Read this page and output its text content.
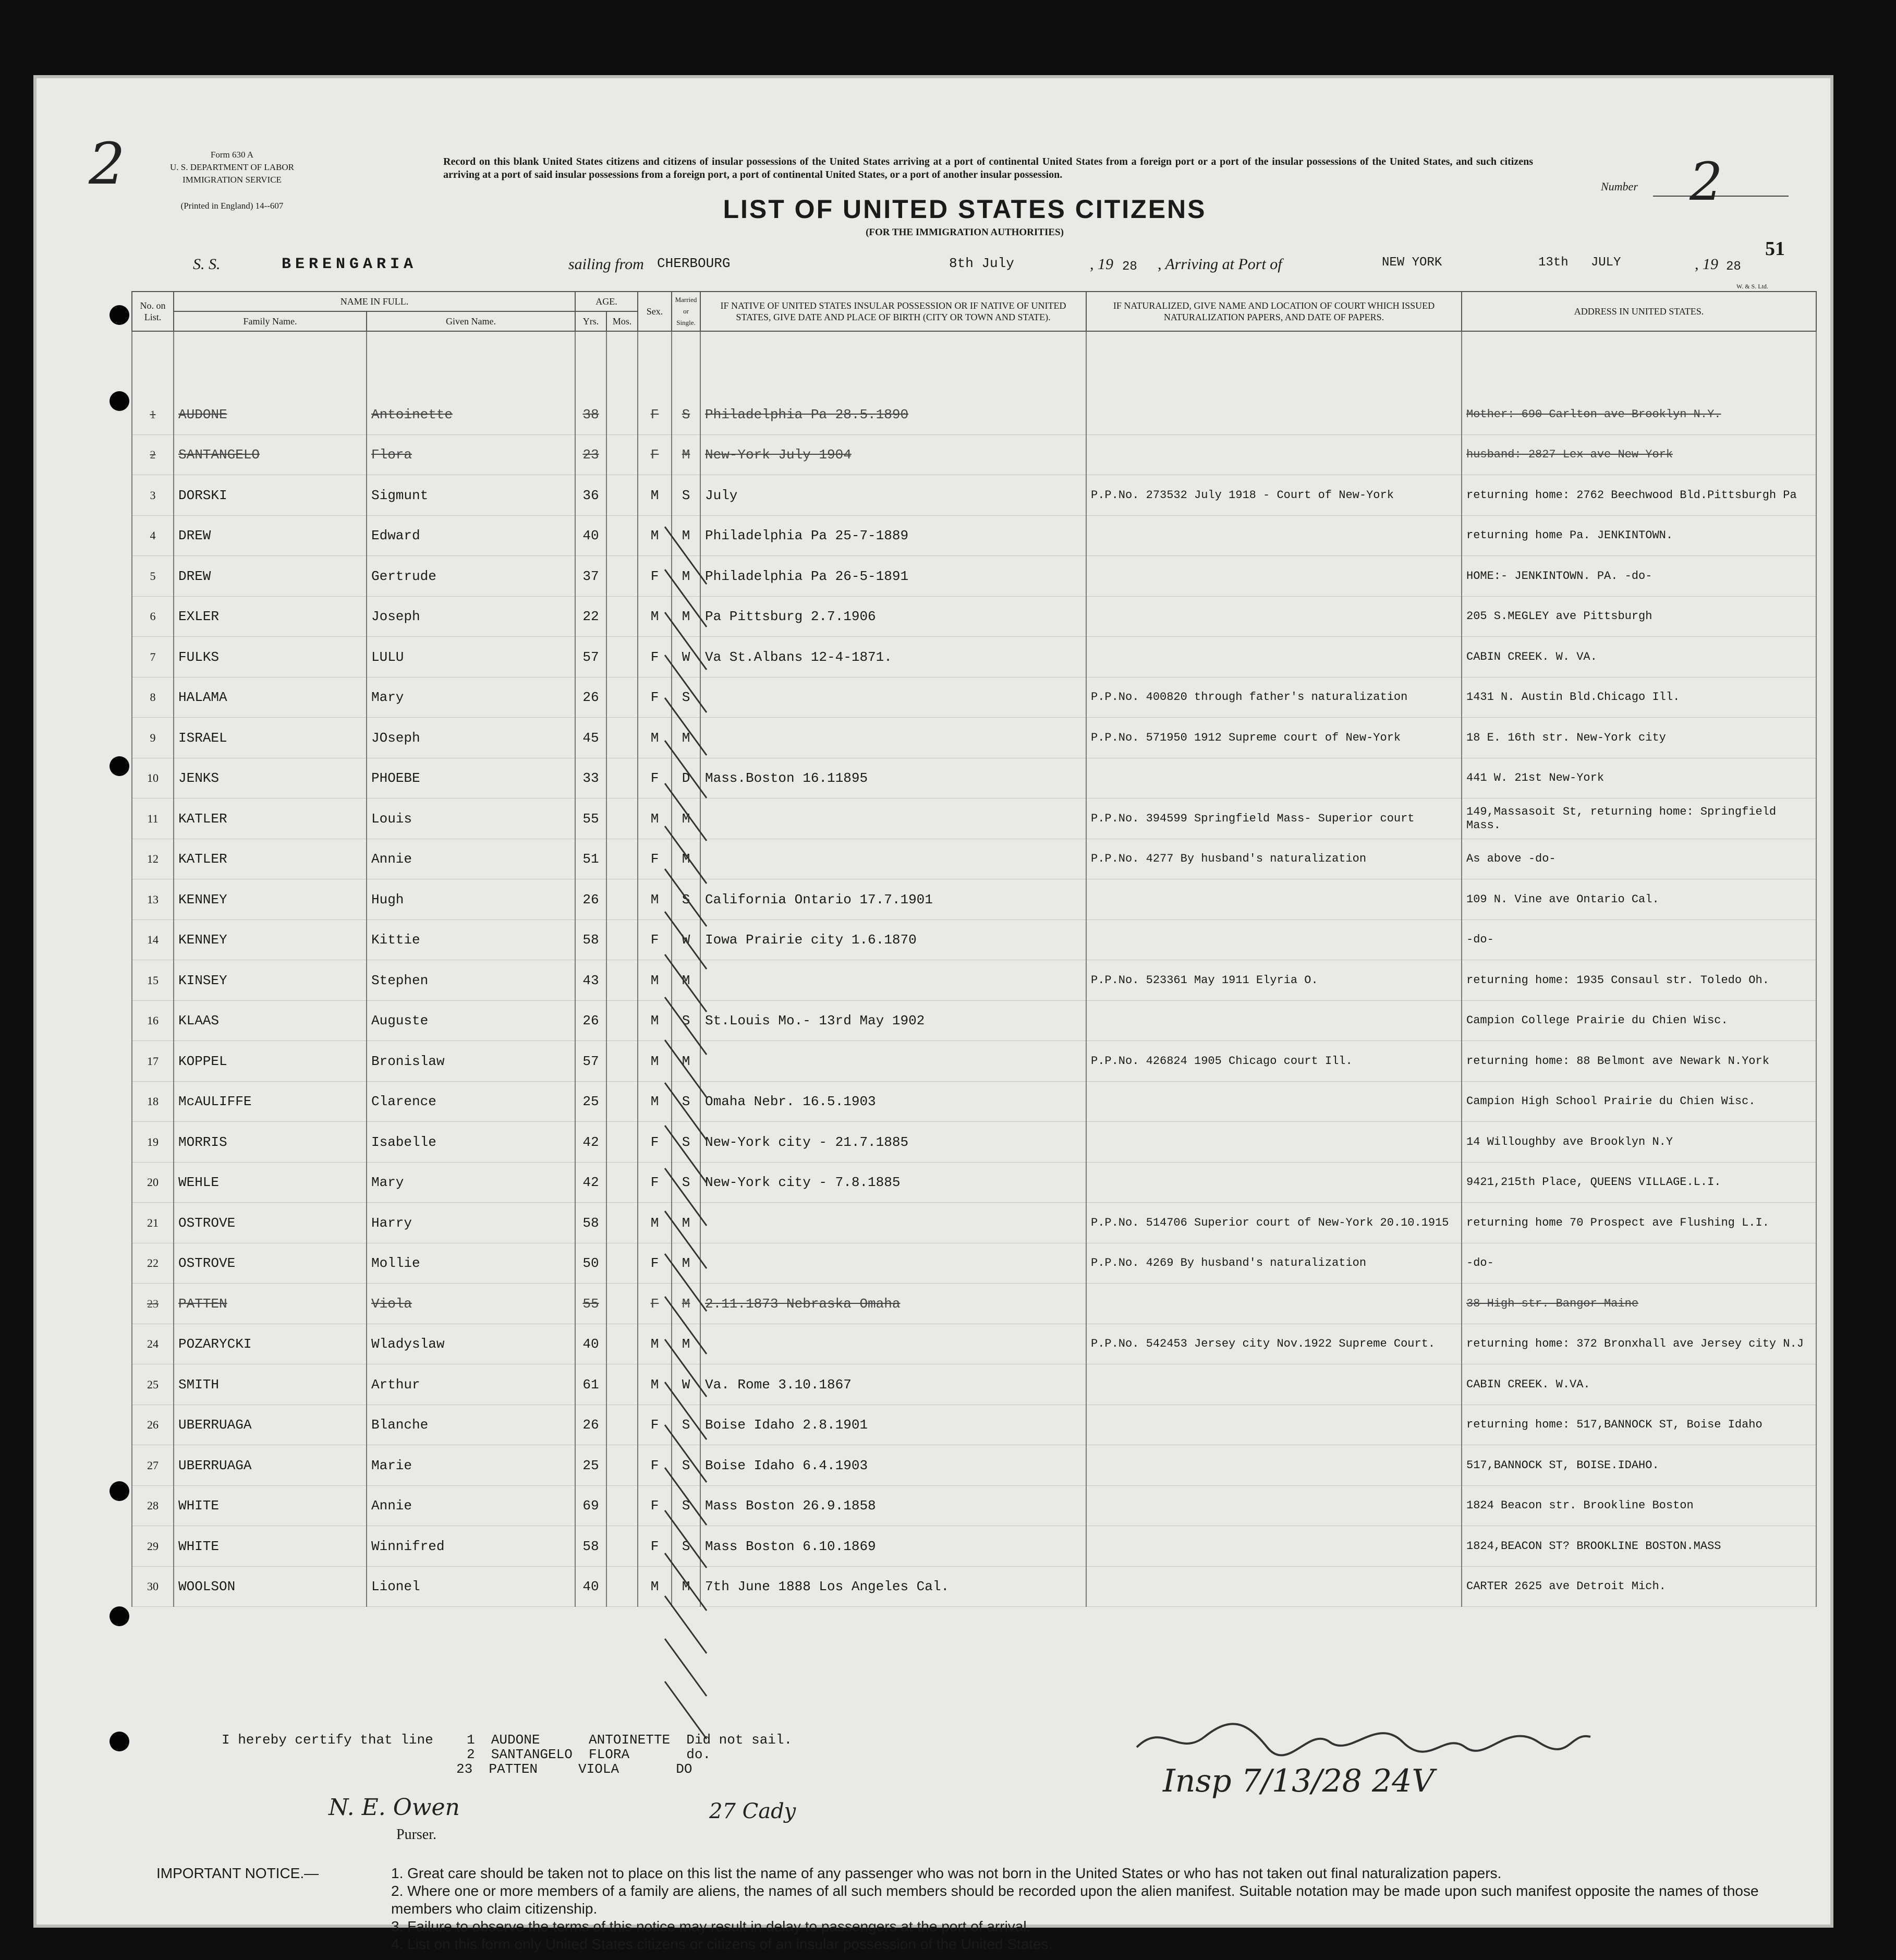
2	Form 630 A
U. S. DEPARTMENT OF LABOR
IMMIGRATION SERVICE
(Printed in England) 14--607
Record on this blank United States citizens and citizens of insular possessions of the United States arriving at a port of continental United States from a foreign port or a port of the insular possessions of the United States, and such citizens arriving at a port of said insular possessions from a foreign port, a port of continental United States, or a port of another insular possession.
LIST OF UNITED STATES CITIZENS
(FOR THE IMMIGRATION AUTHORITIES)
Number 2
51
S. S.	BERENGARIA	sailing from CHERBOURG	8th July	, 19 28 , Arriving at Port of	NEW YORK	13th   JULY	, 19 28
W. & S. Ltd.
No. on List.	NAME IN FULL.		AGE.		Sex.	Married or Single.	IF NATIVE OF UNITED STATES INSULAR POSSESSION OR IF NATIVE OF UNITED STATES, GIVE DATE AND PLACE OF BIRTH (CITY OR TOWN AND STATE).	IF NATURALIZED, GIVE NAME AND LOCATION OF COURT WHICH ISSUED NATURALIZATION PAPERS, AND DATE OF PAPERS.	ADDRESS IN UNITED STATES.
	Family Name.	Given Name.	Yrs.	Mos.					

1	AUDONE	Antoinette	38		F	S	Philadelphia Pa 28.5.1890		Mother: 690 Carlton ave Brooklyn N.Y.
2	SANTANGELO	Flora	23		F	M	New-York July 1904		husband: 2827 Lex ave New-York
3	DORSKI	Sigmunt	36		M	S	July	P.P.No. 273532 July 1918 - Court of New-York	returning home: 2762 Beechwood Bld.Pittsburgh Pa
4	DREW	Edward	40		M	M	Philadelphia Pa 25-7-1889		returning home Pa. JENKINTOWN.
5	DREW	Gertrude	37		F	M	Philadelphia Pa 26-5-1891		HOME:- JENKINTOWN. PA. -do-
6	EXLER	Joseph	22		M	M	Pa Pittsburg 2.7.1906		205 S.MEGLEY ave Pittsburgh
7	FULKS	LULU	57		F	W	Va St.Albans 12-4-1871.		CABIN CREEK. W. VA.
8	HALAMA	Mary	26		F	S		P.P.No. 400820 through father's naturalization	1431 N. Austin Bld.Chicago Ill.
9	ISRAEL	JOseph	45		M	M		P.P.No. 571950 1912 Supreme court of New-York	18 E. 16th str. New-York city
10	JENKS	PHOEBE	33		F	D	Mass.Boston 16.11895		441 W. 21st New-York
11	KATLER	Louis	55		M	M		P.P.No. 394599 Springfield Mass- Superior court	149,Massasoit St, returning home: Springfield Mass.
12	KATLER	Annie	51		F	M		P.P.No. 4277 By husband's naturalization	As above -do-
13	KENNEY	Hugh	26		M	S	California Ontario 17.7.1901		109 N. Vine ave Ontario Cal.
14	KENNEY	Kittie	58		F	W	Iowa Prairie city 1.6.1870		-do-
15	KINSEY	Stephen	43		M	M		P.P.No. 523361 May 1911 Elyria O.	returning home: 1935 Consaul str. Toledo Oh.
16	KLAAS	Auguste	26		M	S	St.Louis Mo.- 13rd May 1902		Campion College Prairie du Chien Wisc.
17	KOPPEL	Bronislaw	57		M	M		P.P.No. 426824 1905 Chicago court Ill.	returning home: 88 Belmont ave Newark N.York
18	McAULIFFE	Clarence	25		M	S	Omaha Nebr. 16.5.1903		Campion High School Prairie du Chien Wisc.
19	MORRIS	Isabelle	42		F	S	New-York city - 21.7.1885		14 Willoughby ave Brooklyn N.Y
20	WEHLE	Mary	42		F	S	New-York city - 7.8.1885		9421,215th Place, QUEENS VILLAGE.L.I.
21	OSTROVE	Harry	58		M	M		P.P.No. 514706 Superior court of New-York 20.10.1915	returning home 70 Prospect ave Flushing L.I.
22	OSTROVE	Mollie	50		F	M		P.P.No. 4269 By husband's naturalization	-do-
23	PATTEN	Viola	55		F	M	2.11.1873 Nebraska Omaha		38 High str. Bangor Maine
24	POZARYCKI	Wladyslaw	40		M	M		P.P.No. 542453 Jersey city Nov.1922 Supreme Court.	returning home: 372 Bronxhall ave Jersey city N.J
25	SMITH	Arthur	61		M	W	Va. Rome 3.10.1867		CABIN CREEK. W.VA.
26	UBERRUAGA	Blanche	26		F	S	Boise Idaho 2.8.1901		returning home: 517,BANNOCK ST, Boise Idaho
27	UBERRUAGA	Marie	25		F	S	Boise Idaho 6.4.1903		517,BANNOCK ST, BOISE.IDAHO.
28	WHITE	Annie	69		F	S	Mass Boston 26.9.1858		1824 Beacon str. Brookline Boston
29	WHITE	Winnifred	58		F	S	Mass Boston 6.10.1869		1824,BEACON ST? BROOKLINE BOSTON.MASS
30	WOOLSON	Lionel	40		M	M	7th June 1888 Los Angeles Cal.		CARTER 2625 ave Detroit Mich.
I hereby certify that line 1  AUDONE      ANTOINETTE  Did not sail.
2  SANTANGELO  FLORA       do.
23  PATTEN     VIOLA       DO
Purser.
Insp 7/13/28 24V
N. E. Owen	27 Cady
IMPORTANT NOTICE.—	1. Great care should be taken not to place on this list the name of any passenger who was not born in the United States or who has not taken out final naturalization papers.
2. Where one or more members of a family are aliens, the names of all such members should be recorded upon the alien manifest. Suitable notation may be made upon such manifest opposite the names of those members who claim citizenship.
3. Failure to observe the terms of this notice may result in delay to passengers at the port of arrival.
4. List on this form only United States citizens or citizens of an insular possession of the United States.
